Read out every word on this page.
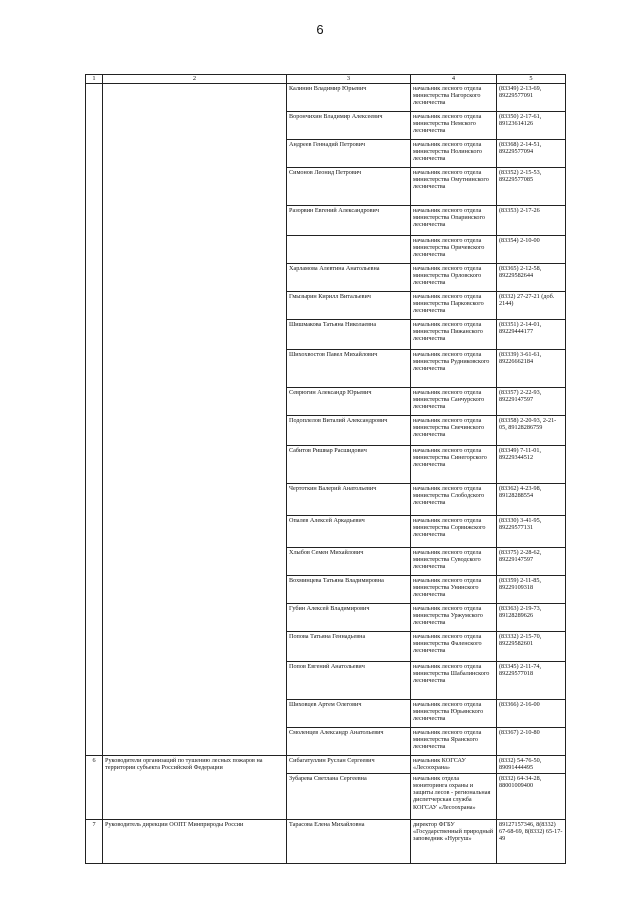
6
1	2	3	4	5
		Калинин Владимир Юрьевич	начальник лесного отдела министерства Нагорского лесничества	(83349) 2-13-69, 89229577091
		Ворончихин Владимир Алексеевич	начальник лесного отдела министерства Немского лесничества	(83350) 2-17-61, 89123614126
		Андреев Геннадий Петрович	начальник лесного отдела министерства Нолинского лесничества	(83368) 2-14-51, 89229577094
		Симонов Леонид Петрович	начальник лесного отдела министерства Омутнинского лесничества	(83352) 2-15-53, 89229577085
		Разорвин Евгений Александрович	начальник лесного отдела министерства Опаринского лесничества	(83353) 2-17-26
			начальник лесного отдела министерства Оричевского лесничества	(83354) 2-10-00
		Харламова Алевтина Анатольевна	начальник лесного отдела министерства Орловского лесничества	(83365) 2-12-58, 89229582644
		Гмызырин Кирилл Витальевич	начальник лесного отдела министерства Парковского лесничества	(8332) 27-27-21 (доб. 2144)
		Шишмакова Татьяна Николаевна	начальник лесного отдела министерства Пижанского лесничества	(83351) 2-14-01, 89229444177
		Шихохвостов Павел Михайлович	начальник лесного отдела министерства Рудниковского лесничества	(83339) 3-61-61, 89226662184
		Севрюгин Александр Юрьевич	начальник лесного отдела министерства Санчурского лесничества	(83357) 2-22-93, 89229147597
		Подоплелов Виталий Александрович	начальник лесного отдела министерства Свечинского лесничества	(83358) 2-20-93, 2-21-05, 89128286759
		Сабитов Ришвар Расшидович	начальник лесного отдела министерства Синегорского лесничества	(83349) 7-11-01, 89229344512
		Чертоткин Валерий Анатольевич	начальник лесного отдела министерства Слободского лесничества	(83362) 4-23-98, 89128288554
		Опалев Алексей Аркадьевич	начальник лесного отдела министерства Сорвижского лесничества	(83330) 3-41-95, 89229577131
		Хлыбов Семен Михайлович	начальник лесного отдела министерства Суводского лесничества	(83375) 2-28-62, 89229147597
		Вохминцева Татьяна Владимировна	начальник лесного отдела министерства Унинского лесничества	(83359) 2-11-85, 89229109318
		Губин Алексей Владимирович	начальник лесного отдела министерства Уржумского лесничества	(83363) 2-19-73, 89128289626
		Попова Татьяна Геннадьевна	начальник лесного отдела министерства Фаленского лесничества	(83332) 2-15-70, 89229582601
		Попов Евгений Анатольевич	начальник лесного отдела министерства Шабалинского лесничества	(83345) 2-11-74, 89229577018
		Шиховцев Артем Олегович	начальник лесного отдела министерства Юрьянского лесничества	(83366) 2-16-00
		Смоленцев Александр Анатольевич	начальник лесного отдела министерства Яранского лесничества	(83367) 2-10-80
6	Руководители организаций по тушению лесных пожаров на территории субъекта Российской Федерации	Сибагатуллин Руслан Сергеевич	начальник КОГСАУ «Лесоохрана»	(8332) 54-76-50, 89091444495
		Зубарева Светлана Сергеевна	начальник отдела мониторинга охраны и защиты лесов - региональная диспетчерская служба КОГСАУ «Лесоохрана»	(8332) 64-34-28, 88001009400
7	Руководитель дирекции ООПТ Минприроды России	Тарасова Елена Михайловна	директор ФГБУ «Государственный природный заповедник «Нургуш»	89127157346, 8(8332) 67-68-69, 8(8332) 65-17-49
